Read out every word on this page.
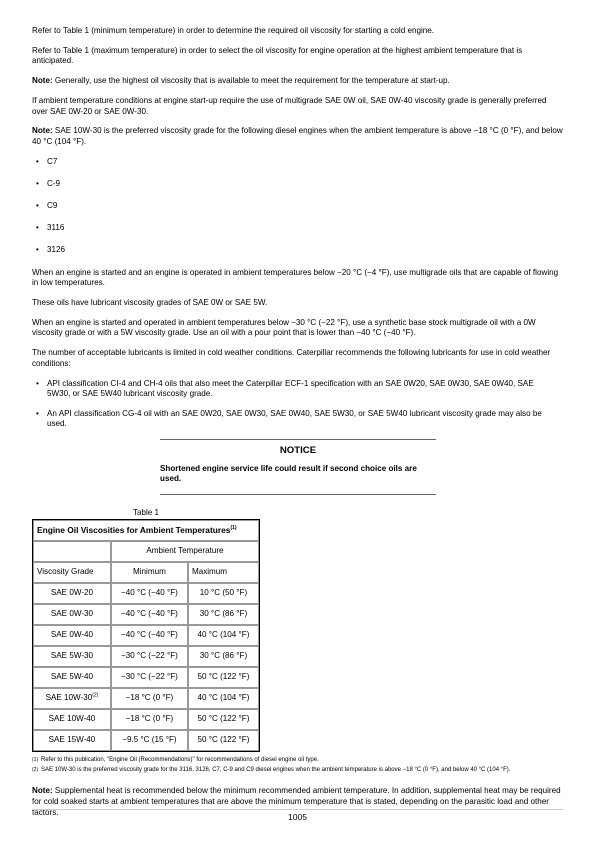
Refer to Table 1 (minimum temperature) in order to determine the required oil viscosity for starting a cold engine.

Refer to Table 1 (maximum temperature) in order to select the oil viscosity for engine operation at the highest ambient temperature that is anticipated.

Note: Generally, use the highest oil viscosity that is available to meet the requirement for the temperature at start-up.

If ambient temperature conditions at engine start-up require the use of multigrade SAE 0W oil, SAE 0W-40 viscosity grade is generally preferred over SAE 0W-20 or SAE 0W-30.

Note: SAE 10W-30 is the preferred viscosity grade for the following diesel engines when the ambient temperature is above −18 °C (0 °F), and below 40 °C (104 °F).

• C7
• C-9
• C9
• 3116
• 3126

When an engine is started and an engine is operated in ambient temperatures below −20 °C (−4 °F), use multigrade oils that are capable of flowing in low temperatures.

These oils have lubricant viscosity grades of SAE 0W or SAE 5W.

When an engine is started and operated in ambient temperatures below −30 °C (−22 °F), use a synthetic base stock multigrade oil with a 0W viscosity grade or with a 5W viscosity grade. Use an oil with a pour point that is lower than −40 °C (−40 °F).

The number of acceptable lubricants is limited in cold weather conditions. Caterpillar recommends the following lubricants for use in cold weather conditions:

• API classification CI-4 and CH-4 oils that also meet the Caterpillar ECF-1 specification with an SAE 0W20, SAE 0W30, SAE 0W40, SAE 5W30, or SAE 5W40 lubricant viscosity grade.
• An API classification CG-4 oil with an SAE 0W20, SAE 0W30, SAE 0W40, SAE 5W30, or SAE 5W40 lubricant viscosity grade may also be used.
NOTICE
Shortened engine service life could result if second choice oils are used.
Table 1
Engine Oil Viscosities for Ambient Temperatures$^{(1)}$
	Ambient Temperature	
Viscosity Grade	Minimum	Maximum
SAE 0W-20	−40 °C (−40 °F)	10 °C (50 °F)
SAE 0W-30	−40 °C (−40 °F)	30 °C (86 °F)
SAE 0W-40	−40 °C (−40 °F)	40 °C (104 °F)
SAE 5W-30	−30 °C (−22 °F)	30 °C (86 °F)
SAE 5W-40	−30 °C (−22 °F)	50 °C (122 °F)
SAE $10W-30^{(2)}$	−18 °C (0 °F)	40 °C (104 °F)
SAE 10W-40	−18 °C (0 °F)	50 °C (122 °F)
SAE 15W-40	−9.5 °C (15 °F)	50 °C (122 °F)
(1) Refer to this publication, "Engine Oil (Recommendations)" for recommendations of diesel engine oil type.
(2) SAE 10W-30 is the preferred viscosity grade for the 3116, 3126, C7, C-9 and C9 diesel engines when the ambient temperature is above −18 °C (0 °F), and below 40 °C (104 °F).

Note: Supplemental heat is recommended below the minimum recommended ambient temperature. In addition, supplemental heat may be required for cold soaked starts at ambient temperatures that are above the minimum temperature that is stated, depending on the parasitic load and other factors.	1005
